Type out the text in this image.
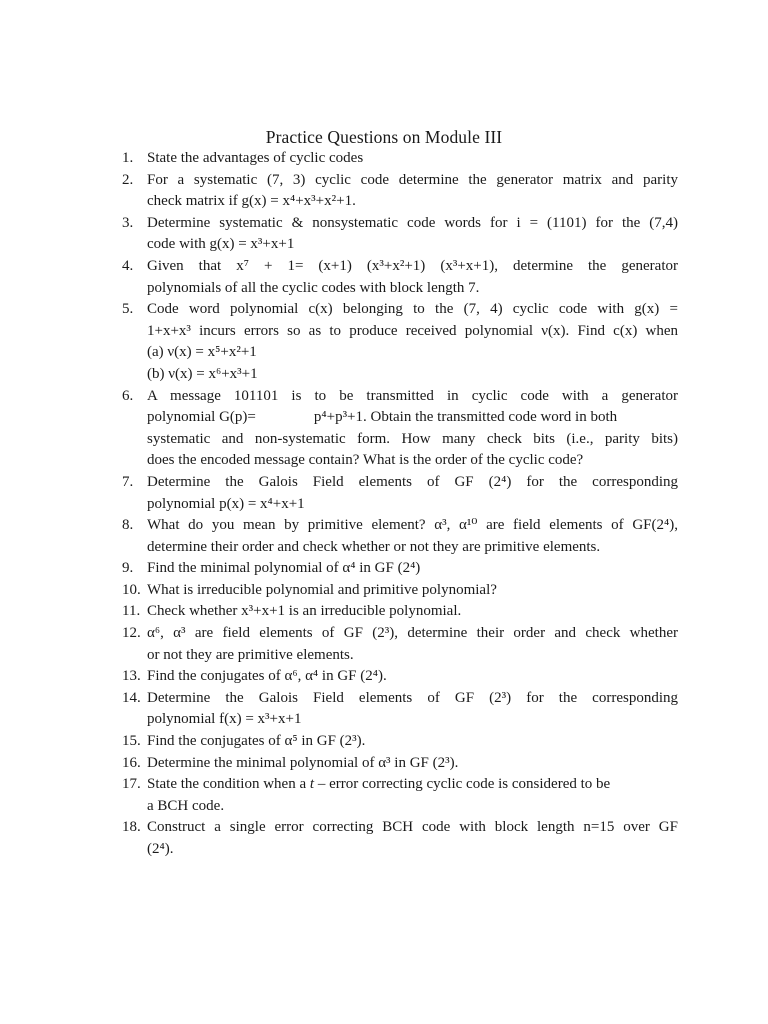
Practice Questions on Module III
1. State the advantages of cyclic codes
2. For a systematic (7, 3) cyclic code determine the generator matrix and parity
check matrix if g(x) = x⁴+x³+x²+1.
3. Determine systematic & nonsystematic code words for i = (1101) for the (7,4)
code with g(x) = x³+x+1
4. Given that x⁷ + 1= (x+1) (x³+x²+1) (x³+x+1), determine the generator
polynomials of all the cyclic codes with block length 7.
5. Code word polynomial c(x) belonging to the (7, 4) cyclic code with g(x) =
1+x+x³ incurs errors so as to produce received polynomial ν(x). Find c(x) when
(a) ν(x) = x⁵+x²+1
(b) ν(x) = x⁶+x³+1
6. A message 101101 is to be transmitted in cyclic code with a generator
polynomial G(p)=	p⁴+p³+1. Obtain the transmitted code word in both
systematic and non-systematic form. How many check bits (i.e., parity bits)
does the encoded message contain? What is the order of the cyclic code?
7. Determine the Galois Field elements of GF (2⁴) for the corresponding
polynomial p(x) = x⁴+x+1
8. What do you mean by primitive element? α³, α¹⁰ are field elements of GF(2⁴),
determine their order and check whether or not they are primitive elements.
9. Find the minimal polynomial of α⁴ in GF (2⁴)
10. What is irreducible polynomial and primitive polynomial?
11. Check whether x³+x+1 is an irreducible polynomial.
12. α⁶, α³ are field elements of GF (2³), determine their order and check whether
or not they are primitive elements.
13. Find the conjugates of α⁶, α⁴ in GF (2⁴).
14. Determine the Galois Field elements of GF (2³) for the corresponding
polynomial f(x) = x³+x+1
15. Find the conjugates of α⁵ in GF (2³).
16. Determine the minimal polynomial of α³ in GF (2³).
17. State the condition when a t – error correcting cyclic code is considered to be
a BCH code.
18. Construct a single error correcting BCH code with block length n=15 over GF
(2⁴).
